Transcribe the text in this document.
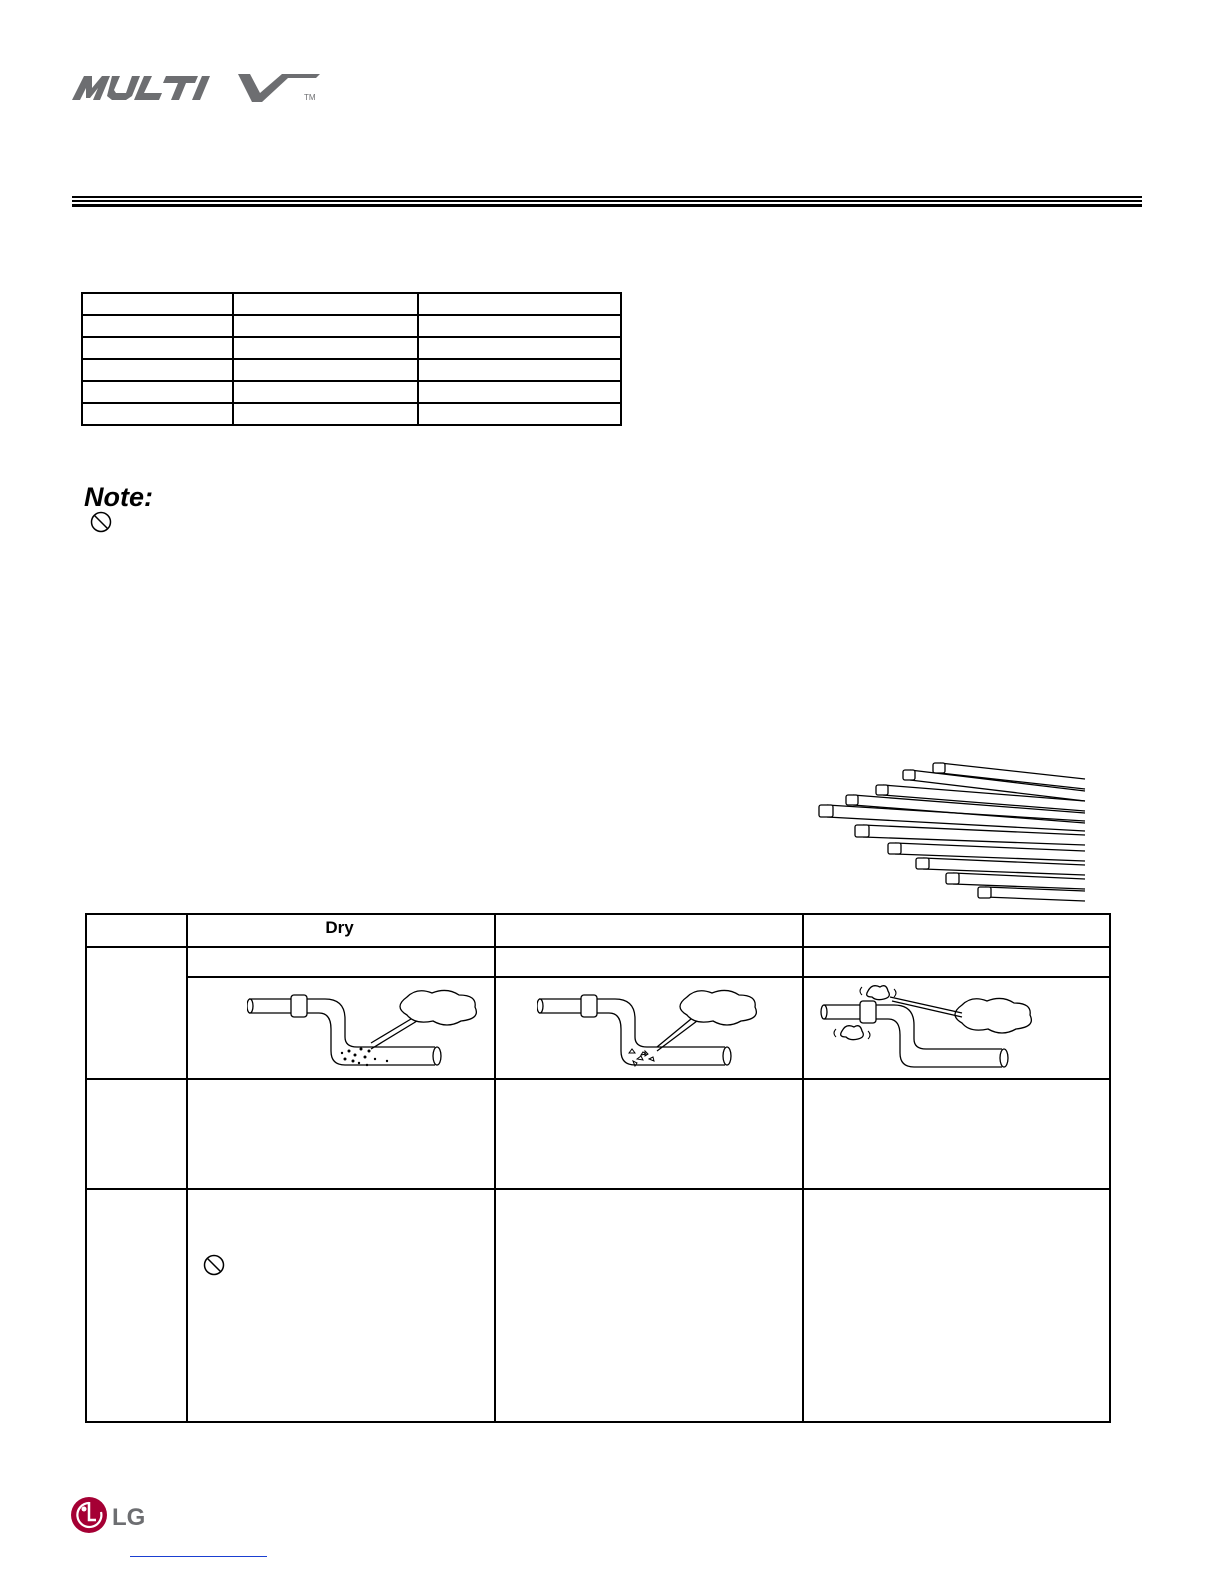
TM
Note:
Dry
LG
